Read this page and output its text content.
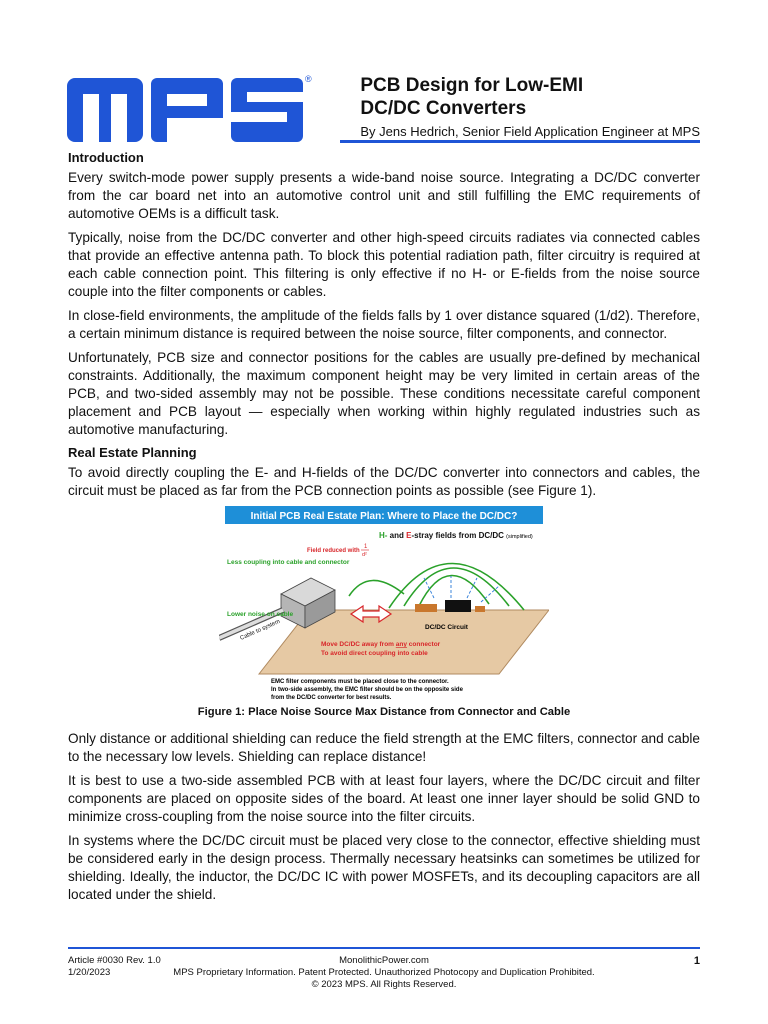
®	PCB Design for Low-EMI

DC/DC Converters

By Jens Hedrich, Senior Field Application Engineer at MPS
Introduction

Every switch-mode power supply presents a wide-band noise source. Integrating a DC/DC converter from the car board net into an automotive control unit and still fulfilling the EMC requirements of automotive OEMs is a difficult task.

Typically, noise from the DC/DC converter and other high-speed circuits radiates via connected cables that provide an effective antenna path. To block this potential radiation path, filter circuitry is required at each cable connection point. This filtering is only effective if no H- or E-fields from the noise source couple into the filter components or cables.

In close-field environments, the amplitude of the fields falls by 1 over distance squared (1/d2). Therefore, a certain minimum distance is required between the noise source, filter components, and connector.

Unfortunately, PCB size and connector positions for the cables are usually pre-defined by mechanical constraints. Additionally, the maximum component height may be very limited in certain areas of the PCB, and two-sided assembly may not be possible. These conditions necessitate careful component placement and PCB layout — especially when working within highly regulated industries such as automotive manufacturing.

Real Estate Planning

To avoid directly coupling the E- and H-fields of the DC/DC converter into connectors and cables, the circuit must be placed as far from the PCB connection points as possible (see Figure 1).

Initial PCB Real Estate Plan: Where to Place the DC/DC?
H- and E-stray fields from DC/DC (simplified)
Field reduced with
1
d²
Less coupling into cable and connector
DC/DC Circuit
Lower noise on cable
Cable to system
Move DC/DC away from any connector
To avoid direct coupling into cable
EMC filter components must be placed close to the connector.
In two-side assembly, the EMC filter should be on the opposite side
from the DC/DC converter for best results.
Figure 1: Place Noise Source Max Distance from Connector and Cable

Only distance or additional shielding can reduce the field strength at the EMC filters, connector and cable to the necessary low levels. Shielding can replace distance!

It is best to use a two-side assembled PCB with at least four layers, where the DC/DC circuit and filter components are placed on opposite sides of the board. At least one inner layer should be solid GND to minimize cross-coupling from the noise source into the filter circuits.

In systems where the DC/DC circuit must be placed very close to the connector, effective shielding must be considered early in the design process. Thermally necessary heatsinks can sometimes be utilized for shielding. Ideally, the inductor, the DC/DC IC with power MOSFETs, and its decoupling capacitors are all located under the shield.

Article #0030 Rev. 1.0	MonolithicPower.com	1
1/20/2023	MPS Proprietary Information. Patent Protected. Unauthorized Photocopy and Duplication Prohibited.
© 2023 MPS. All Rights Reserved.
